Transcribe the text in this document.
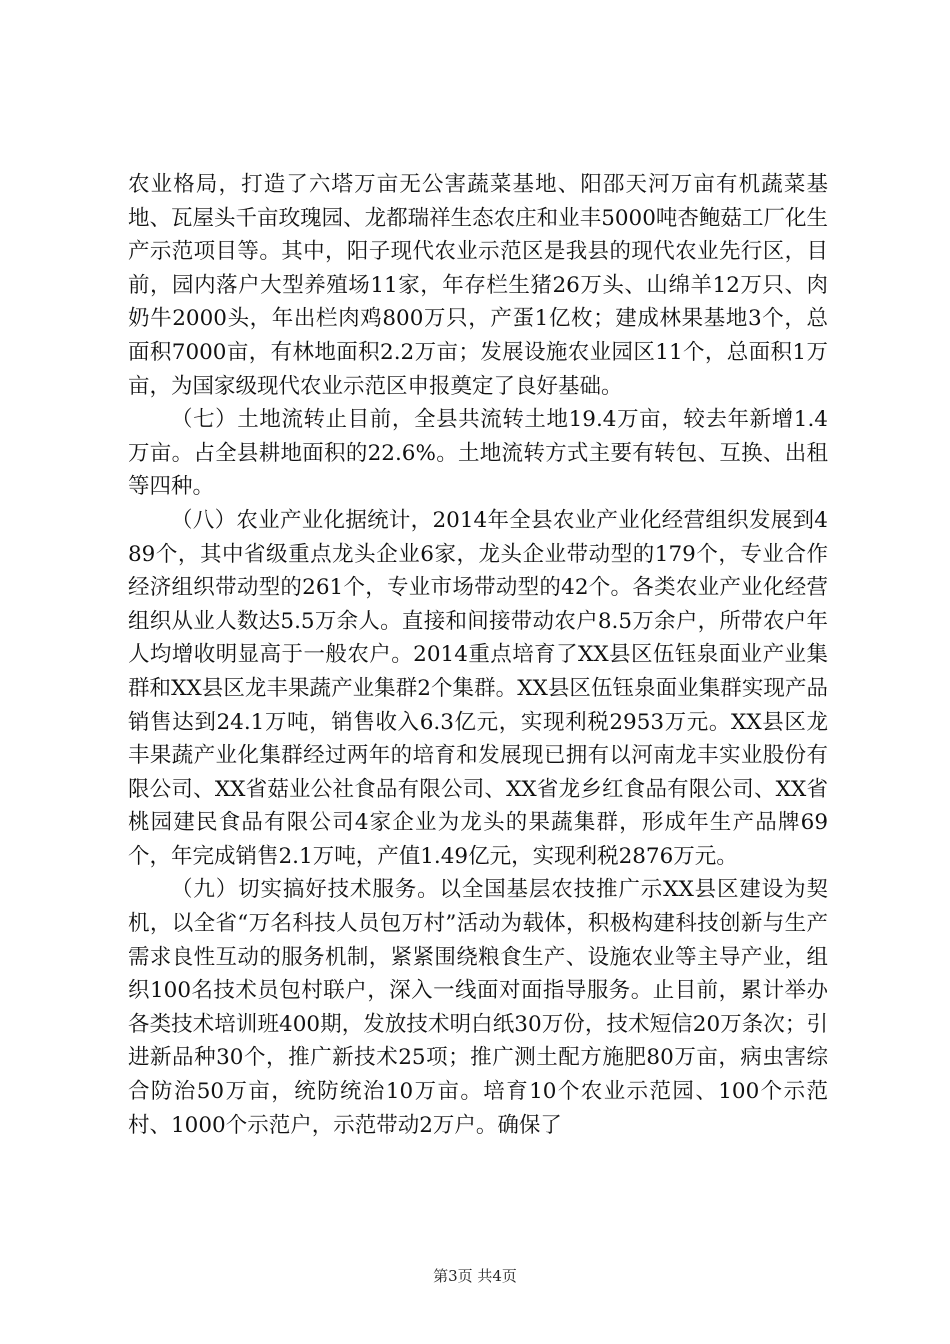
农业格局，打造了六塔万亩无公害蔬菜基地、阳邵天河万亩有机蔬菜基地、瓦屋头千亩玫瑰园、龙都瑞祥生态农庄和业丰5000吨杏鲍菇工厂化生产示范项目等。其中，阳子现代农业示范区是我县的现代农业先行区，目前，园内落户大型养殖场11家，年存栏生猪26万头、山绵羊12万只、肉奶牛2000头，年出栏肉鸡800万只，产蛋1亿枚；建成林果基地3个，总面积7000亩，有林地面积2.2万亩；发展设施农业园区11个，总面积1万亩，为国家级现代农业示范区申报奠定了良好基础。

（七）土地流转止目前，全县共流转土地19.4万亩，较去年新增1.4万亩。占全县耕地面积的22.6%。土地流转方式主要有转包、互换、出租等四种。

（八）农业产业化据统计，2014年全县农业产业化经营组织发展到489个，其中省级重点龙头企业6家，龙头企业带动型的179个，专业合作经济组织带动型的261个，专业市场带动型的42个。各类农业产业化经营组织从业人数达5.5万余人。直接和间接带动农户8.5万余户，所带农户年人均增收明显高于一般农户。2014重点培育了XX县区伍钰泉面业产业集群和XX县区龙丰果蔬产业集群2个集群。XX县区伍钰泉面业集群实现产品销售达到24.1万吨，销售收入6.3亿元，实现利税2953万元。XX县区龙丰果蔬产业化集群经过两年的培育和发展现已拥有以河南龙丰实业股份有限公司、XX省菇业公社食品有限公司、XX省龙乡红食品有限公司、XX省桃园建民食品有限公司4家企业为龙头的果蔬集群，形成年生产品牌69个，年完成销售2.1万吨，产值1.49亿元，实现利税2876万元。

（九）切实搞好技术服务。以全国基层农技推广示XX县区建设为契机，以全省“万名科技人员包万村”活动为载体，积极构建科技创新与生产需求良性互动的服务机制，紧紧围绕粮食生产、设施农业等主导产业，组织100名技术员包村联户，深入一线面对面指导服务。止目前，累计举办各类技术培训班400期，发放技术明白纸30万份，技术短信20万条次；引进新品种30个，推广新技术25项；推广测土配方施肥80万亩，病虫害综合防治50万亩，统防统治10万亩。培育10个农业示范园、100个示范村、1000个示范户，示范带动2万户。确保了

第3页 共4页
